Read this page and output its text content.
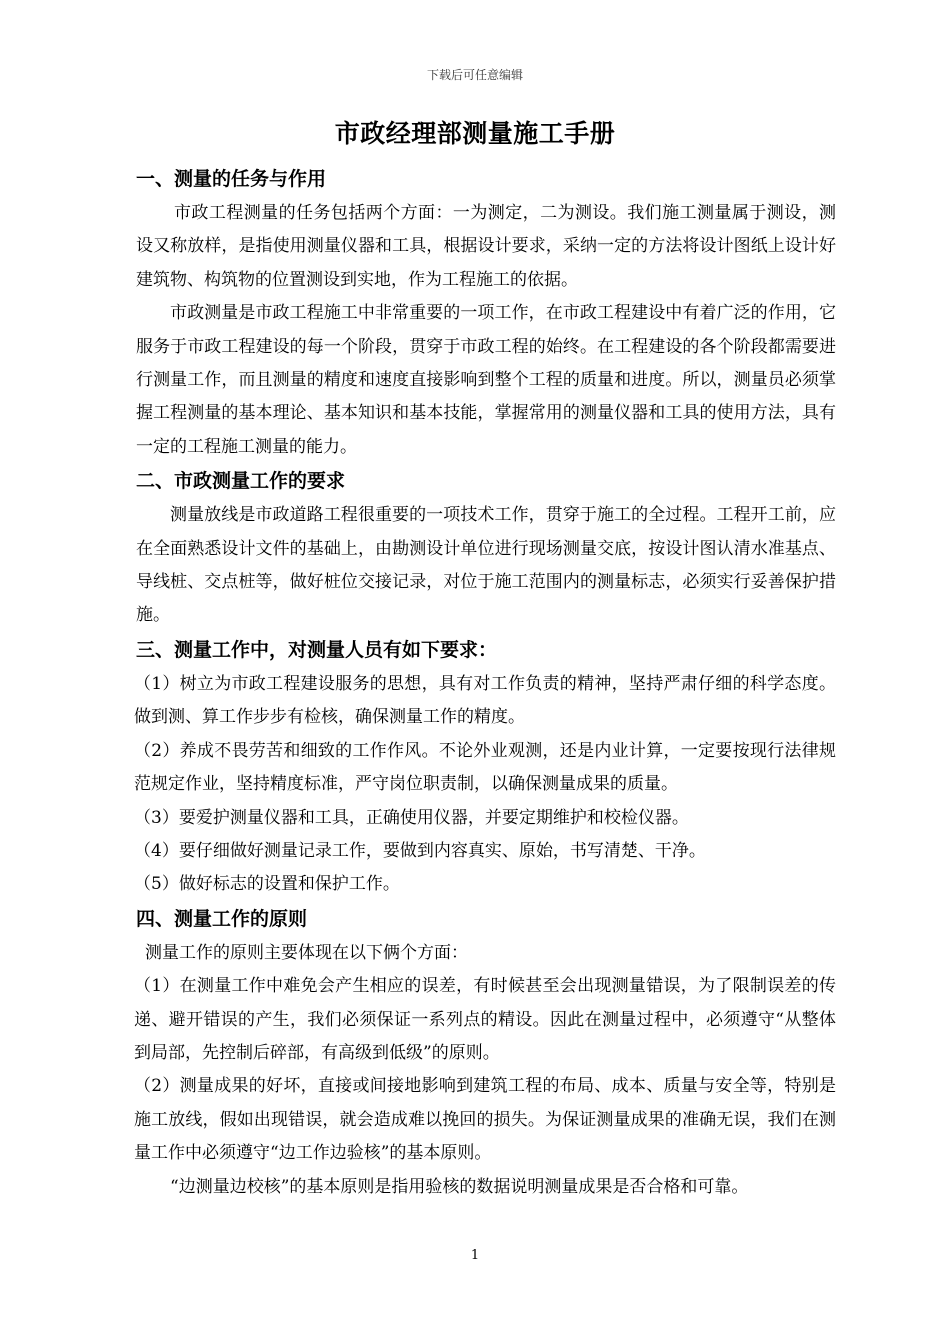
下载后可任意编辑
市政经理部测量施工手册
一、测量的任务与作用

市政工程测量的任务包括两个方面：一为测定，二为测设。我们施工测量属于测设，测设又称放样，是指使用测量仪器和工具，根据设计要求，采纳一定的方法将设计图纸上设计好建筑物、构筑物的位置测设到实地，作为工程施工的依据。

市政测量是市政工程施工中非常重要的一项工作，在市政工程建设中有着广泛的作用，它服务于市政工程建设的每一个阶段，贯穿于市政工程的始终。在工程建设的各个阶段都需要进行测量工作，而且测量的精度和速度直接影响到整个工程的质量和进度。所以，测量员必须掌握工程测量的基本理论、基本知识和基本技能，掌握常用的测量仪器和工具的使用方法，具有一定的工程施工测量的能力。

二、市政测量工作的要求

测量放线是市政道路工程很重要的一项技术工作，贯穿于施工的全过程。工程开工前，应在全面熟悉设计文件的基础上，由勘测设计单位进行现场测量交底，按设计图认清水准基点、导线桩、交点桩等，做好桩位交接记录，对位于施工范围内的测量标志，必须实行妥善保护措施。

三、测量工作中，对测量人员有如下要求：

（1）树立为市政工程建设服务的思想，具有对工作负责的精神，坚持严肃仔细的科学态度。做到测、算工作步步有检核，确保测量工作的精度。

（2）养成不畏劳苦和细致的工作作风。不论外业观测，还是内业计算，一定要按现行法律规范规定作业，坚持精度标准，严守岗位职责制，以确保测量成果的质量。

（3）要爱护测量仪器和工具，正确使用仪器，并要定期维护和校检仪器。

（4）要仔细做好测量记录工作，要做到内容真实、原始，书写清楚、干净。

（5）做好标志的设置和保护工作。

四、测量工作的原则

测量工作的原则主要体现在以下俩个方面：

（1）在测量工作中难免会产生相应的误差，有时候甚至会出现测量错误，为了限制误差的传递、避开错误的产生，我们必须保证一系列点的精设。因此在测量过程中，必须遵守“从整体到局部，先控制后碎部，有高级到低级”的原则。

（2）测量成果的好坏，直接或间接地影响到建筑工程的布局、成本、质量与安全等，特别是施工放线，假如出现错误，就会造成难以挽回的损失。为保证测量成果的准确无误，我们在测量工作中必须遵守“边工作边验核”的基本原则。

“边测量边校核”的基本原则是指用验核的数据说明测量成果是否合格和可靠。

1
